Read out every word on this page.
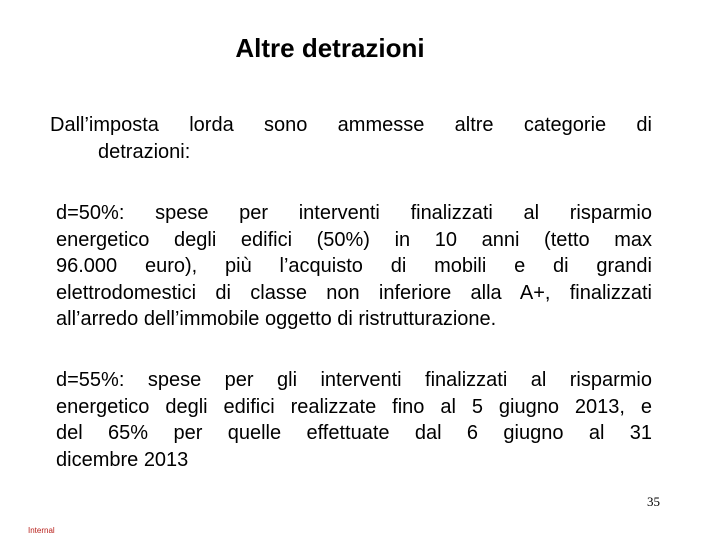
Altre detrazioni
Dall’imposta lorda sono ammesse altre categorie di
detrazioni:
d=50%: spese per interventi finalizzati al risparmio
energetico degli edifici (50%) in 10 anni (tetto max
96.000 euro), più l’acquisto di mobili e di grandi
elettrodomestici di classe non inferiore alla A+, finalizzati
all’arredo dell’immobile oggetto di ristrutturazione.
d=55%: spese per gli interventi finalizzati al risparmio
energetico degli edifici realizzate fino al 5 giugno 2013, e
del 65% per quelle effettuate dal 6 giugno al 31
dicembre 2013
35
Internal
